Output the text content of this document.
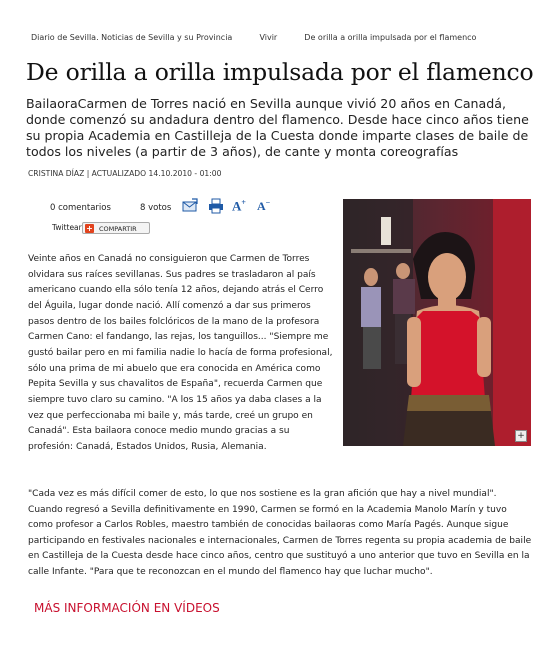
Diario de Sevilla. Noticias de Sevilla y su Provincia	Vivir	De orilla a orilla impulsada por el flamenco
De orilla a orilla impulsada por el flamenco

BailaoraCarmen de Torres nació en Sevilla aunque vivió 20 años en Canadá, donde comenzó su andadura dentro del flamenco. Desde hace cinco años tiene su propia Academia en Castilleja de la Cuesta donde imparte clases de baile de todos los niveles (a partir de 3 años), de cante y monta coreografías

CRISTINA DÍAZ | ACTUALIZADO 14.10.2010 - 01:00
0 comentarios	8 votos	A+ A−
Twittear + COMPARTIR
+

Veinte años en Canadá no consiguieron que Carmen de Torres olvidara sus raíces sevillanas. Sus padres se trasladaron al país americano cuando ella sólo tenía 12 años, dejando atrás el Cerro del Águila, lugar donde nació. Allí comenzó a dar sus primeros pasos dentro de los bailes folclóricos de la mano de la profesora Carmen Cano: el fandango, las rejas, los tanguillos... "Siempre me gustó bailar pero en mi familia nadie lo hacía de forma profesional, sólo una prima de mi abuelo que era conocida en América como Pepita Sevilla y sus chavalitos de España", recuerda Carmen que siempre tuvo claro su camino. "A los 15 años ya daba clases a la vez que perfeccionaba mi baile y, más tarde, creé un grupo en Canadá". Esta bailaora conoce medio mundo gracias a su profesión: Canadá, Estados Unidos, Rusia, Alemania.

"Cada vez es más difícil comer de esto, lo que nos sostiene es la gran afición que hay a nivel mundial". Cuando regresó a Sevilla definitivamente en 1990, Carmen se formó en la Academia Manolo Marín y tuvo como profesor a Carlos Robles, maestro también de conocidas bailaoras como María Pagés. Aunque sigue participando en festivales nacionales e internacionales, Carmen de Torres regenta su propia academia de baile en Castilleja de la Cuesta desde hace cinco años, centro que sustituyó a uno anterior que tuvo en Sevilla en la calle Infante. "Para que te reconozcan en el mundo del flamenco hay que luchar mucho".

MÁS INFORMACIÓN EN VÍDEOS
